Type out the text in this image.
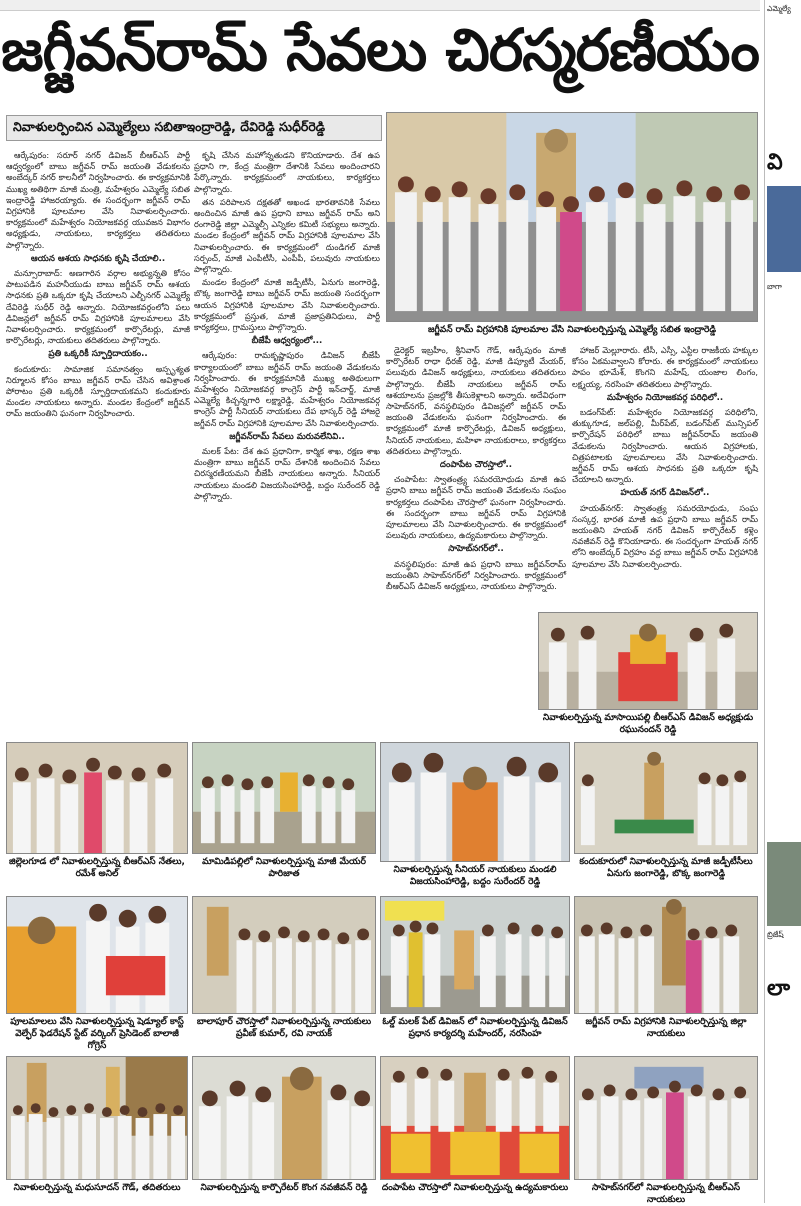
జగ్జీవన్‌రామ్ సేవలు చిరస్మరణీయం
నివాళులర్పించిన ఎమ్మెల్యేలు సబితాఇంద్రారెడ్డి, దేవిరెడ్డి సుధీర్‌రెడ్డి

ఆర్కేపురం: సరూర్ నగర్ డివిజన్ బీఆర్‌ఎస్ పార్టీ ఆధ్వర్యంలో బాబు జగ్జీవన్ రామ్ జయంతి వేడుకలను అంబేద్కర్ నగర్ కాలనీలో నిర్వహించారు. ఈ కార్యక్రమానికి ముఖ్య అతిథిగా మాజీ మంత్రి, మహేశ్వరం ఎమ్మెల్యే సబిత ఇంద్రారెడ్డి హాజరయ్యారు. ఈ సందర్భంగా జగ్జీవన్ రామ్ విగ్రహానికి పూలమాల వేసి నివాళులర్పించారు. కార్యక్రమంలో మహేశ్వరం నియోజకవర్గ యువజన విభాగం అధ్యక్షుడు, నాయకులు, కార్యకర్తలు తదితరులు పాల్గొన్నారు.

ఆయన ఆశయ సాధనకు కృషి చేయాలి..

మన్సూరాబాద్: అణగారిన వర్గాల అభ్యున్నతి కోసం పాటుపడిన మహనీయుడు బాబు జగ్జీవన్ రామ్ ఆశయ సాధనకు ప్రతి ఒక్కరూ కృషి చేయాలని ఎల్బీనగర్ ఎమ్మెల్యే దేవిరెడ్డి సుధీర్ రెడ్డి అన్నారు. నియోజకవర్గంలోని పలు డివిజన్లలో జగ్జీవన్ రామ్ విగ్రహానికి పూలమాలలు వేసి నివాళులర్పించారు. కార్యక్రమంలో కార్పొరేటర్లు, మాజీ కార్పొరేటర్లు, నాయకులు తదితరులు పాల్గొన్నారు.

ప్రతి ఒక్కరికీ స్ఫూర్తిదాయకం..

కందుకూరు: సామాజిక సమానత్వం అస్పృశ్యత నిర్మూలన కోసం బాబు జగ్జీవన్ రామ్ చేసిన అవిశ్రాంత పోరాటం ప్రతి ఒక్కరికీ స్ఫూర్తిదాయకమని కందుకూరు మండల నాయకులు అన్నారు. మండల కేంద్రంలో జగ్జీవన్ రామ్ జయంతిని ఘనంగా నిర్వహించారు.

కృషి చేసిన మహోన్నతుడని కొనియాడారు. దేశ ఉప ప్రధాని గా, కేంద్ర మంత్రిగా దేశానికి సేవలు అందించారని పేర్కొన్నారు. కార్యక్రమంలో నాయకులు, కార్యకర్తలు పాల్గొన్నారు.

తన పరిపాలన దక్షతతో అఖండ భారతావనికి సేవలు అందించిన మాజీ ఉప ప్రధాని బాబు జగ్జీవన్ రామ్ అని రంగారెడ్డి జిల్లా ఎమ్మెల్సీ ఎన్నికల కమిటీ సభ్యులు అన్నారు. మండల కేంద్రంలో జగ్జీవన్ రామ్ విగ్రహానికి పూలమాల వేసి నివాళులర్పించారు. ఈ కార్యక్రమంలో దుండిగల్ మాజీ సర్పంచ్, మాజీ ఎంపీటీసీ, ఎంపీపీ, పలువురు నాయకులు పాల్గొన్నారు.

మండల కేంద్రంలో మాజీ జడ్పీటీసీ, ఏనుగు జంగారెడ్డి, బొక్క జంగారెడ్డి బాబు జగ్జీవన్ రామ్ జయంతి సందర్భంగా ఆయన విగ్రహానికి పూలమాల వేసి నివాళులర్పించారు. కార్యక్రమంలో ప్రస్తుత, మాజీ ప్రజాప్రతినిధులు, పార్టీ కార్యకర్తలు, గ్రామస్తులు పాల్గొన్నారు.

బీజేపీ ఆధ్వర్యంలో...

ఆర్కేపురం: రామకృష్ణాపురం డివిజన్ బీజేపీ కార్యాలయంలో బాబు జగ్జీవన్ రామ్ జయంతి వేడుకలను నిర్వహించారు. ఈ కార్యక్రమానికి ముఖ్య అతిథులుగా మహేశ్వరం నియోజకవర్గ కాంగ్రెస్ పార్టీ ఇన్‌చార్జ్, మాజీ ఎమ్మెల్యే కిచ్చన్నగారి లక్ష్మారెడ్డి, మహేశ్వరం నియోజకవర్గ కాంగ్రెస్ పార్టీ సీనియర్ నాయకులు దేప భాస్కర్ రెడ్డి హాజరై జగ్జీవన్ రామ్ విగ్రహానికి పూలమాల వేసి నివాళులర్పించారు.

జగ్జీవన్‌రామ్ సేవలు మరువలేనివి..

మలక్ పేట: దేశ ఉప ప్రధానిగా, కార్మిక శాఖ, రక్షణ శాఖ మంత్రిగా బాబు జగ్జీవన్ రామ్ దేశానికి అందించిన సేవలు చిరస్మరణీయమని బీజేపీ నాయకులు అన్నారు. సీనియర్ నాయకులు మండలి విజయసింహారెడ్డి, బద్దం సురేందర్ రెడ్డి పాల్గొన్నారు.

జగ్జీవన్ రామ్ విగ్రహానికి పూలమాల వేసి నివాళులర్పిస్తున్న ఎమ్మెల్యే సబిత ఇంద్రారెడ్డి

డైరెక్టర్ ఇబ్రహీం, శ్రీనివాస్ గౌడ్, ఆర్కేపురం మాజీ కార్పొరేటర్ రాధా ధీరజ్ రెడ్డి, మాజీ డిప్యూటీ మేయర్, పలువురు డివిజన్ అధ్యక్షులు, నాయకులు తదితరులు పాల్గొన్నారు. బీజేపీ నాయకులు జగ్జీవన్ రామ్ ఆశయాలను ప్రజల్లోకి తీసుకెళ్లాలని అన్నారు. అదేవిధంగా సాహెబ్‌నగర్, వనస్థలిపురం డివిజన్లలో జగ్జీవన్ రామ్ జయంతి వేడుకలను ఘనంగా నిర్వహించారు. ఈ కార్యక్రమంలో మాజీ కార్పొరేటర్లు, డివిజన్ అధ్యక్షులు, సీనియర్ నాయకులు, మహిళా నాయకురాలు, కార్యకర్తలు తదితరులు పాల్గొన్నారు.

దంపాపేట చౌరస్తాలో..

చంపాపేట: స్వాతంత్ర్య సమరయోధుడు మాజీ ఉప ప్రధాని బాబు జగ్జీవన్ రామ్ జయంతి వేడుకలను సంఘం కార్యకర్తలు దంపాపేట చౌరస్తాలో ఘనంగా నిర్వహించారు. ఈ సందర్భంగా బాబు జగ్జీవన్ రామ్ విగ్రహానికి పూలమాలలు వేసి నివాళులర్పించారు. ఈ కార్యక్రమంలో పలువురు నాయకులు, ఉద్యమకారులు పాల్గొన్నారు.

సాహెబ్‌నగర్‌లో..

వనస్థలిపురం: మాజీ ఉప ప్రధాని బాబు జగ్జీవన్‌రామ్ జయంతిని సాహెబ్‌నగర్‌లో నిర్వహించారు. కార్యక్రమంలో బీఆర్‌ఎస్ డివిజన్ అధ్యక్షులు, నాయకులు పాల్గొన్నారు.

హాజర్ మెల్లూరారు. టీసీ, ఎస్సీ, ఎస్టీల రాజకీయ హక్కుల కోసం ఏకమవ్వాలని కోరారు. ఈ కార్యక్రమంలో నాయకులు పాపం భూమేశ్, కొంగని మహేష్, యంజాల లింగం, లక్ష్మయ్య, నరసింహ తదితరులు పాల్గొన్నారు.

మహేశ్వరం నియోజకవర్గ పరిధిలో..

బడంగ్‌పేట్: మహేశ్వరం నియోజకవర్గ పరిధిలోని, తుక్కుగూడ, జల్‌పల్లి, మీర్‌పేట్, బడంగ్‌పేట్ మున్సిపల్ కార్పొరేషన్ పరిధిలో బాబు జగ్జీవన్‌రామ్ జయంతి వేడుకలను నిర్వహించారు. ఆయన విగ్రహాలకు, చిత్రపటాలకు పూలమాలలు వేసి నివాళులర్పించారు. జగ్జీవన్ రామ్ ఆశయ సాధనకు ప్రతి ఒక్కరూ కృషి చేయాలని అన్నారు.

హయత్ నగర్ డివిజన్‌లో..

హయత్‌నగర్: స్వాతంత్ర్య సమరయోధుడు, సంఘ సంస్కర్త, భారత మాజీ ఉప ప్రధాని బాబు జగ్జీవన్ రామ్ జయంతిని హయత్ నగర్ డివిజన్ కార్పొరేటర్ కళ్లెం నవజీవన్ రెడ్డి కొనియాడారు. ఈ సందర్భంగా హయత్ నగర్ లోని అంబేద్కర్ విగ్రహం వద్ద బాబు జగ్జీవన్ రామ్ విగ్రహానికి పూలమాల వేసి నివాళులర్పించారు.

నివాళులర్పిస్తున్న మాసాయిపల్లి బీఆర్‌ఎస్ డివిజన్ అధ్యక్షుడు రఘునందన్ రెడ్డి
జిల్లెలగూడ లో నివాళులర్పిస్తున్న బీఆర్‌ఎస్ నేతలు, రమేశ్ అనిల్
మామిడిపల్లిలో నివాళులర్పిస్తున్న మాజీ మేయర్ పారిజాత	నివాళులర్పిస్తున్న సీనియర్ నాయకులు మండలి విజయసింహారెడ్డి, బద్దం సురేందర్ రెడ్డి
కందుకూరులో నివాళులర్పిస్తున్న మాజీ జడ్పీటీసీలు ఏనుగు జంగారెడ్డి, బొక్క జంగారెడ్డి
పూలమాలలు వేసి నివాళులర్పిస్తున్న షెడ్యూల్ కాస్ట్ వెల్ఫేర్ ఫెడరేషన్ స్టేట్ వర్కింగ్ ప్రెసిడెంట్ బాలాజీ గోగ్రెస్
బాలాపూర్ చౌరస్తాలో నివాళులర్పిస్తున్న నాయకులు ప్రవీణ్ కుమార్, రవి నాయక్
ఓల్డ్ మలక్ పేట్ డివిజన్ లో నివాళులర్పిస్తున్న డివిజన్ ప్రధాన కార్యదర్శి మహేందర్, నరసింహ
జగ్జీవన్ రామ్ విగ్రహానికి నివాళులర్పిస్తున్న జిల్లా నాయకులు
నివాళులర్పిస్తున్న మధుసూదన్ గౌడ్, తదితరులు	నివాళులర్పిస్తున్న కార్పొరేటర్ కొంగ నవజీవన్ రెడ్డి	దంపాపేట చౌరస్తాలో నివాళులర్పిస్తున్న ఉద్యమకారులు	సాహెబ్‌నగర్‌లో నివాళులర్పిస్తున్న బీఆర్‌ఎస్ నాయకులు
ఎమ్మెల్యే
వి
బాగా
బ్రిజేష్
లా
